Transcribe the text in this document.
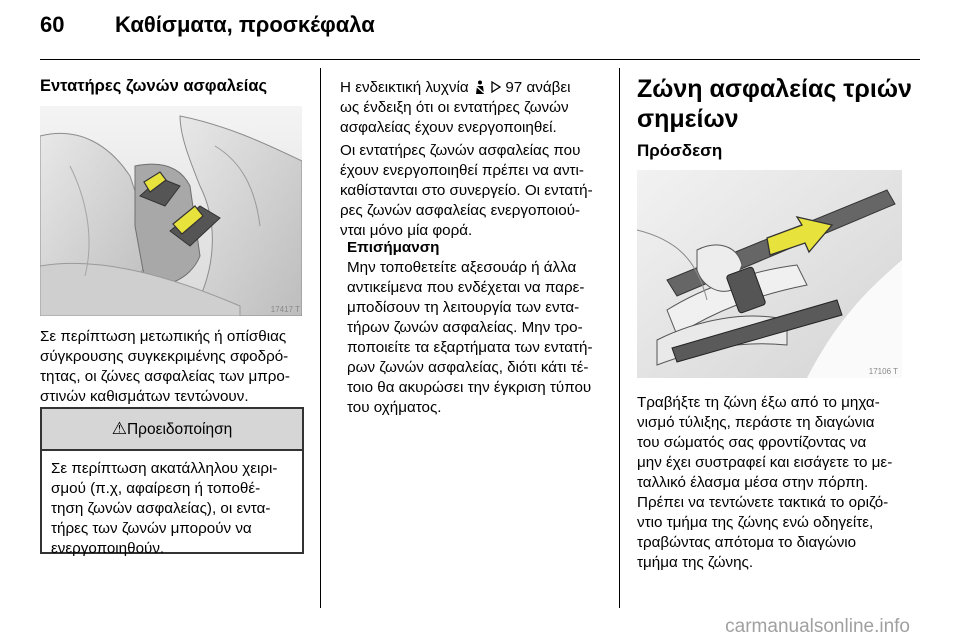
60 Καθίσματα, προσκέφαλα
Εντατήρες ζωνών ασφαλείας
17417 T
Σε περίπτωση μετωπικής ή οπίσθιας
σύγκρουσης συγκεκριμένης σφοδρό-
τητας, οι ζώνες ασφαλείας των μπρο-
στινών καθισμάτων τεντώνουν.
⚠Προειδοποίηση
Σε περίπτωση ακατάλληλου χειρι-
σμού (π.χ, αφαίρεση ή τοποθέ-
τηση ζωνών ασφαλείας), οι εντα-
τήρες των ζωνών μπορούν να
ενεργοποιηθούν.
Η ενδεικτική λυχνία 97 ανάβει
ως ένδειξη ότι οι εντατήρες ζωνών
ασφαλείας έχουν ενεργοποιηθεί.
Οι εντατήρες ζωνών ασφαλείας που
έχουν ενεργοποιηθεί πρέπει να αντι-
καθίστανται στο συνεργείο. Οι εντατή-
ρες ζωνών ασφαλείας ενεργοποιού-
νται μόνο μία φορά.
Επισήμανση
Μην τοποθετείτε αξεσουάρ ή άλλα
αντικείμενα που ενδέχεται να παρε-
μποδίσουν τη λειτουργία των εντα-
τήρων ζωνών ασφαλείας. Μην τρο-
ποποιείτε τα εξαρτήματα των εντατή-
ρων ζωνών ασφαλείας, διότι κάτι τέ-
τοιο θα ακυρώσει την έγκριση τύπου
του οχήματος.
Ζώνη ασφαλείας τριών
σημείων
Πρόσδεση
17106 T
Τραβήξτε τη ζώνη έξω από το μηχα-
νισμό τύλιξης, περάστε τη διαγώνια
του σώματός σας φροντίζοντας να
μην έχει συστραφεί και εισάγετε το με-
ταλλικό έλασμα μέσα στην πόρπη.
Πρέπει να τεντώνετε τακτικά το οριζό-
ντιο τμήμα της ζώνης ενώ οδηγείτε,
τραβώντας απότομα το διαγώνιο
τμήμα της ζώνης.
carmanualsonline.info
